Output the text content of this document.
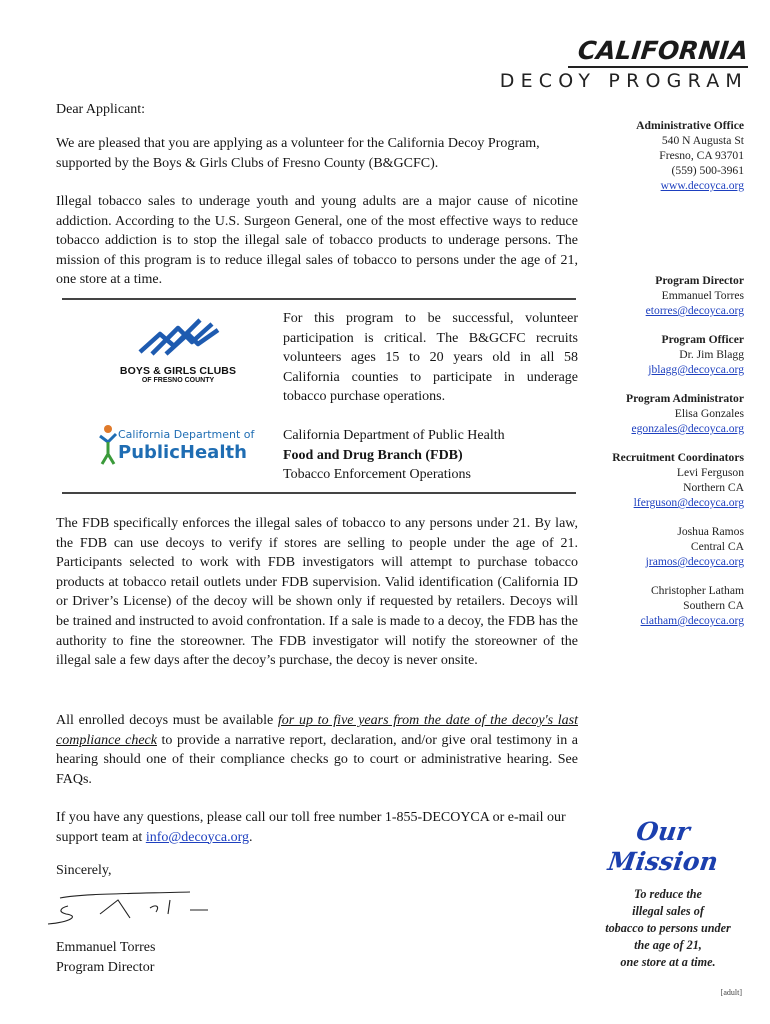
CALIFORNIA
DECOY PROGRAM
Dear Applicant:
We are pleased that you are applying as a volunteer for the California Decoy Program, supported by the Boys & Girls Clubs of Fresno County (B&GCFC).
Illegal tobacco sales to underage youth and young adults are a major cause of nicotine addiction. According to the U.S. Surgeon General, one of the most effective ways to reduce tobacco addiction is to stop the illegal sale of tobacco products to underage persons. The mission of this program is to reduce illegal sales of tobacco to persons under the age of 21, one store at a time.
BOYS & GIRLS CLUBS
OF FRESNO COUNTY
For this program to be successful, volunteer participation is critical. The B&GCFC recruits volunteers ages 15 to 20 years old in all 58 California counties to participate in underage tobacco purchase operations.
California Department of
PublicHealth
California Department of Public Health
Food and Drug Branch (FDB)
Tobacco Enforcement Operations
The FDB specifically enforces the illegal sales of tobacco to any persons under 21. By law, the FDB can use decoys to verify if stores are selling to people under the age of 21. Participants selected to work with FDB investigators will attempt to purchase tobacco products at tobacco retail outlets under FDB supervision. Valid identification (California ID or Driver’s License) of the decoy will be shown only if requested by retailers. Decoys will be trained and instructed to avoid confrontation. If a sale is made to a decoy, the FDB has the authority to fine the storeowner. The FDB investigator will notify the storeowner of the illegal sale a few days after the decoy’s purchase, the decoy is never onsite.
All enrolled decoys must be available for up to five years from the date of the decoy's last compliance check to provide a narrative report, declaration, and/or give oral testimony in a hearing should one of their compliance checks go to court or administrative hearing. See FAQs.
If you have any questions, please call our toll free number 1-855-DECOYCA or e-mail our support team at info@decoyca.org.
Sincerely,
Emmanuel Torres
Program Director
Administrative Office
540 N Augusta St
Fresno, CA 93701
(559) 500-3961
www.decoyca.org
Program Director
Emmanuel Torres
etorres@decoyca.org
Program Officer
Dr. Jim Blagg
jblagg@decoyca.org
Program Administrator
Elisa Gonzales
egonzales@decoyca.org
Recruitment Coordinators
Levi Ferguson
Northern CA
lferguson@decoyca.org
Joshua Ramos
Central CA
jramos@decoyca.org
Christopher Latham
Southern CA
clatham@decoyca.org
Our
Mission
To reduce the
illegal sales of
tobacco to persons under
the age of 21,
one store at a time.
[adult]
